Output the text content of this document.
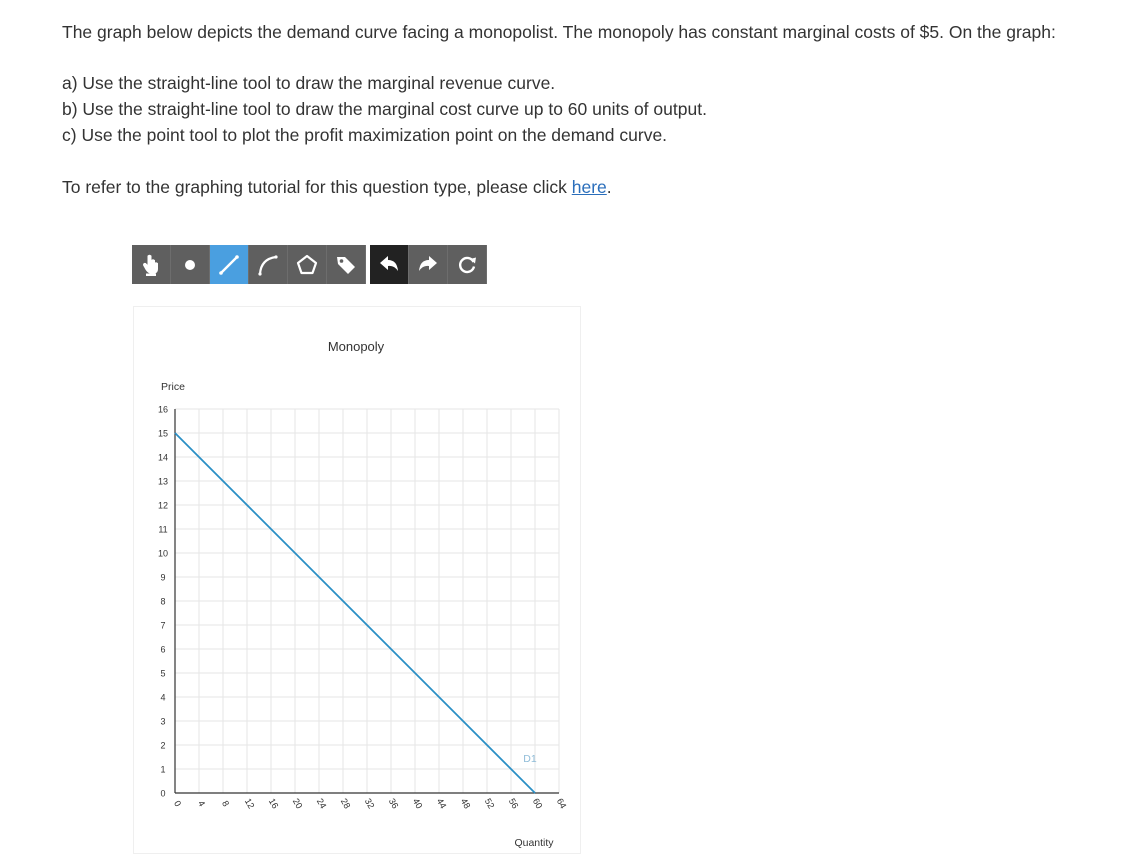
The graph below depicts the demand curve facing a monopolist. The monopoly has constant marginal costs of $5. On the graph:
a) Use the straight-line tool to draw the marginal revenue curve.
b) Use the straight-line tool to draw the marginal cost curve up to 60 units of output.
c) Use the point tool to plot the profit maximization point on the demand curve.
To refer to the graphing tutorial for this question type, please click here.
Monopoly
Price
Quantity
0
1
2
3
4
5
6
7
8
9
10
11
12
13
14
15
16
0 4 8 12 16 20 24 28 32 36 40 44 48 52 56 60 64
D1
